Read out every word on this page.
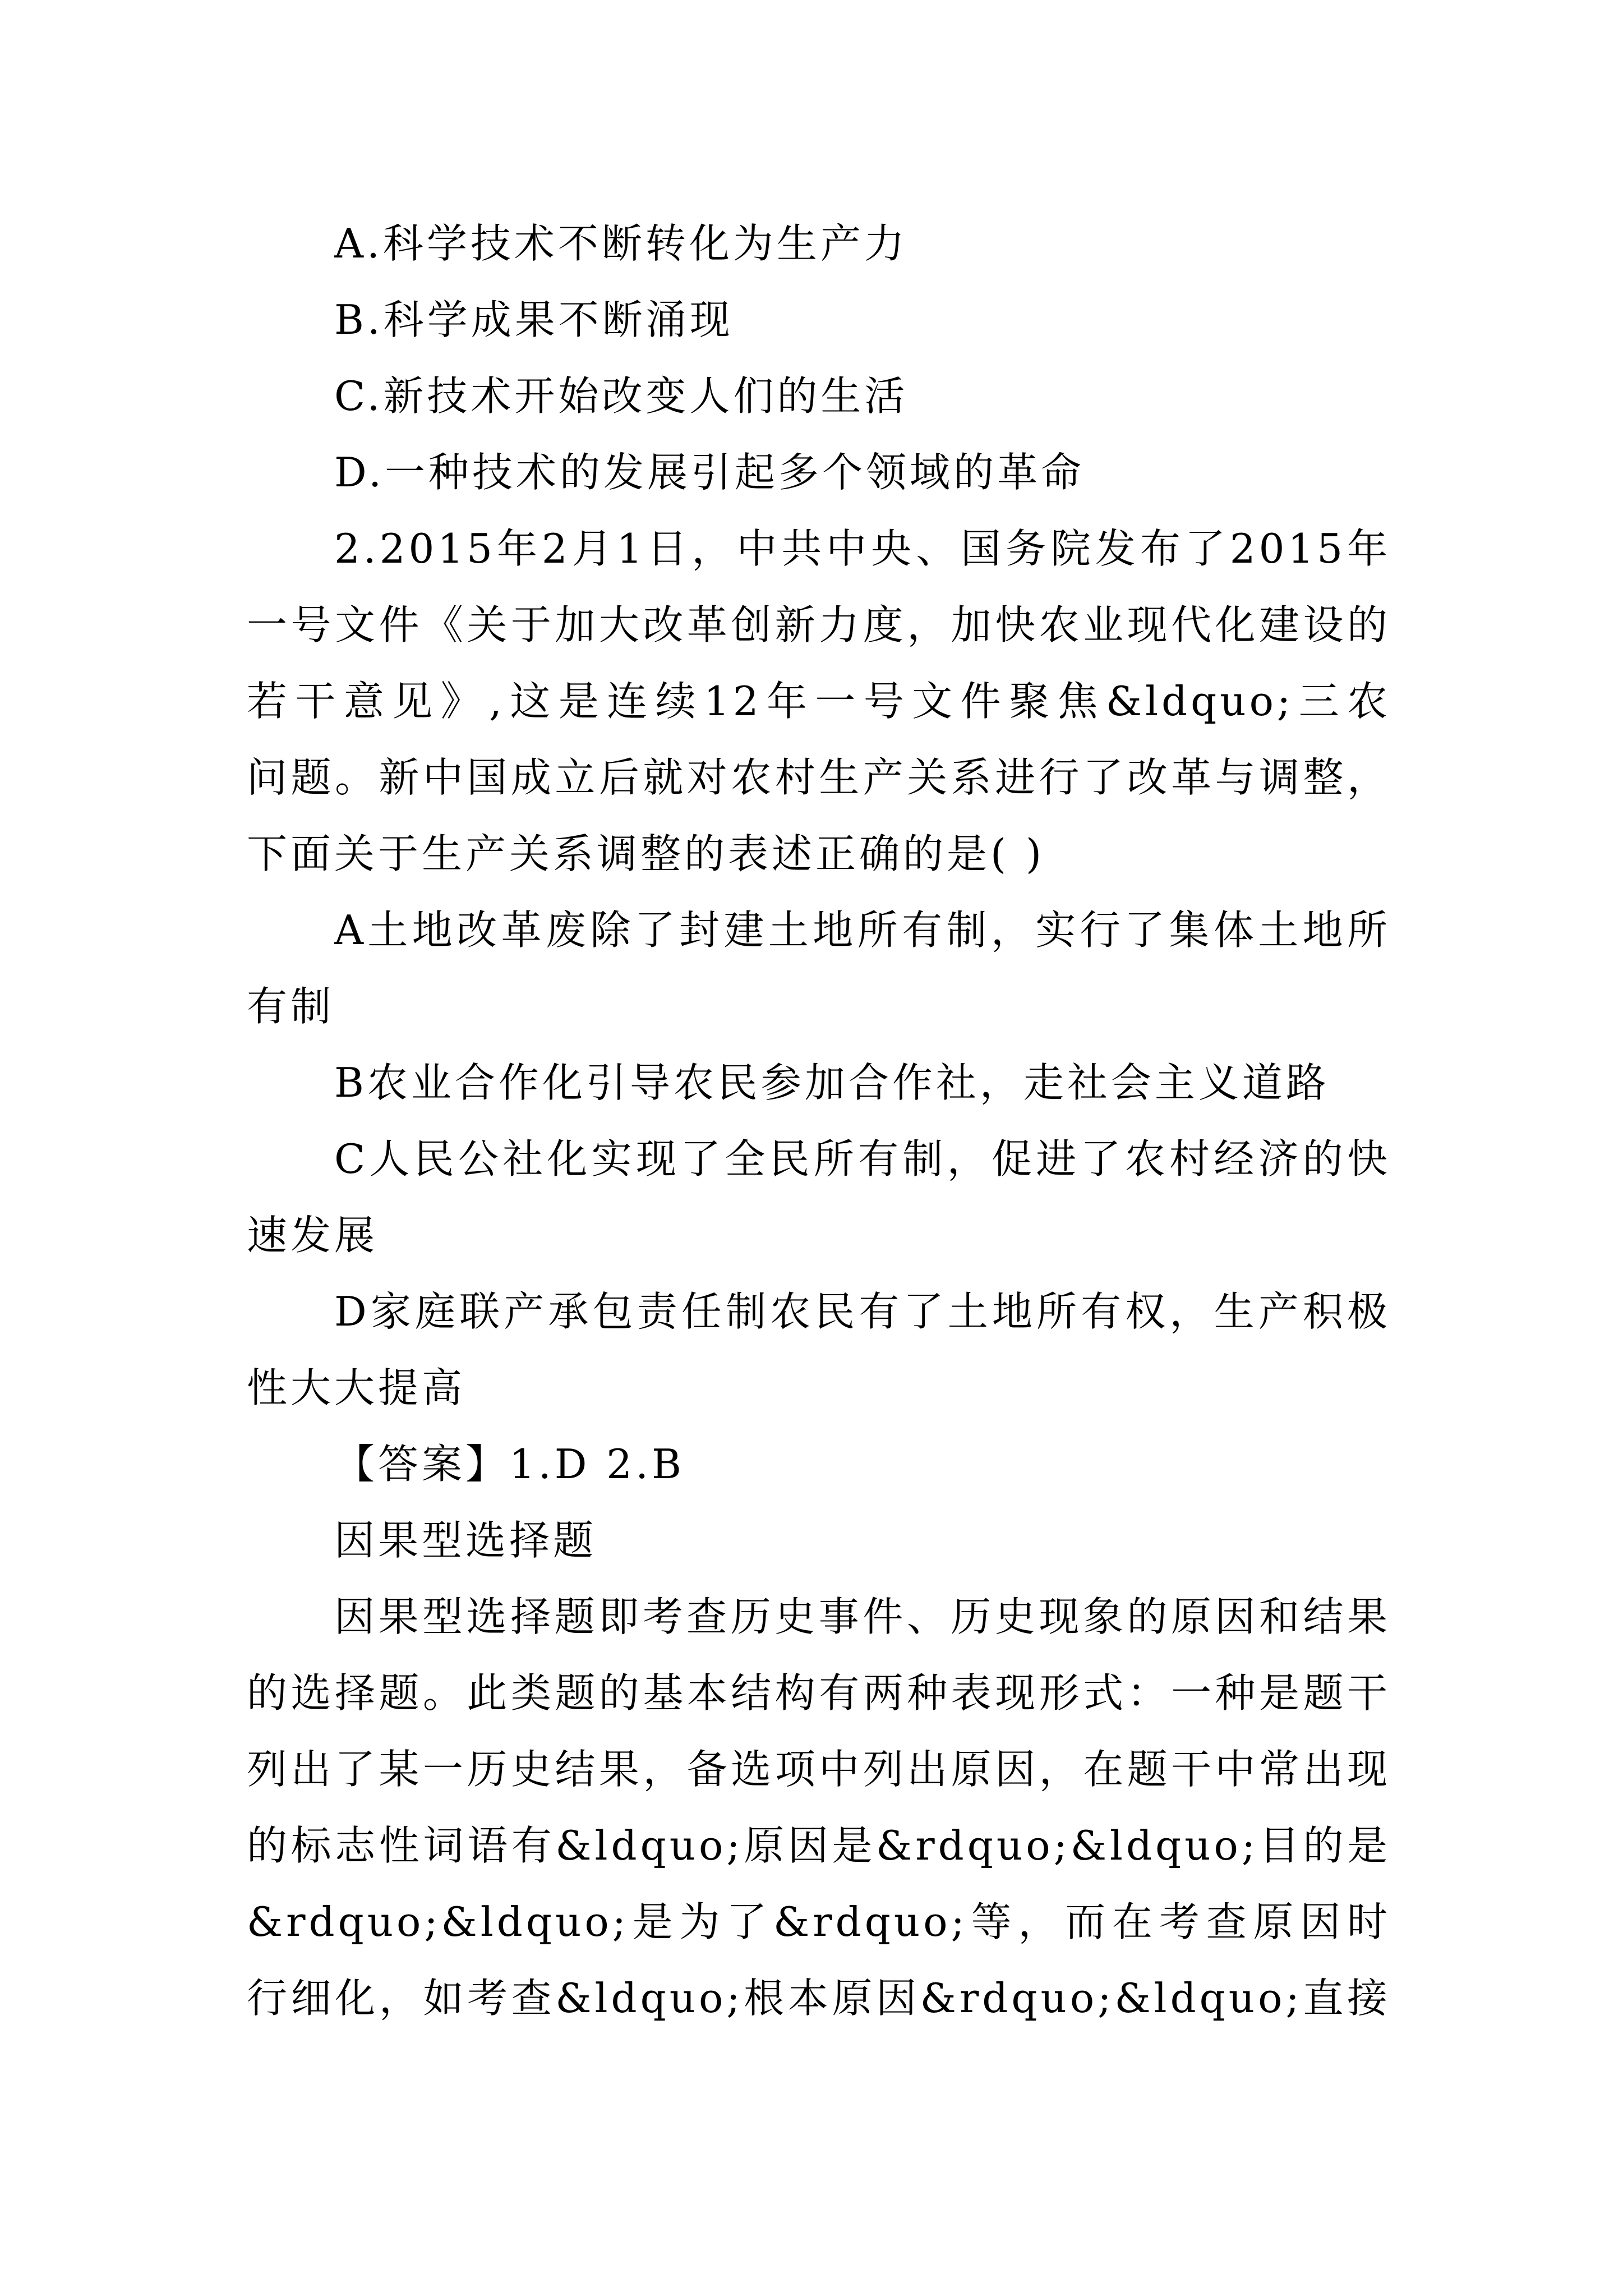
A.科学技术不断转化为生产力
B.科学成果不断涌现
C.新技术开始改变人们的生活
D.一种技术的发展引起多个领域的革命
2.2015年2月1日，中共中央、国务院发布了2015年
一号文件《关于加大改革创新力度，加快农业现代化建设的
若干意见》,这是连续12年一号文件聚焦&ldquo;三农
问题。新中国成立后就对农村生产关系进行了改革与调整，
下面关于生产关系调整的表述正确的是( )
A土地改革废除了封建土地所有制，实行了集体土地所
有制
B农业合作化引导农民参加合作社，走社会主义道路
C人民公社化实现了全民所有制，促进了农村经济的快
速发展
D家庭联产承包责任制农民有了土地所有权，生产积极
性大大提高
【答案】1.D 2.B
因果型选择题
因果型选择题即考查历史事件、历史现象的原因和结果
的选择题。此类题的基本结构有两种表现形式：一种是题干
列出了某一历史结果，备选项中列出原因，在题干中常出现
的标志性词语有&ldquo;原因是&rdquo;&ldquo;目的是
&rdquo;&ldquo;是为了&rdquo;等，而在考查原因时
行细化，如考查&ldquo;根本原因&rdquo;&ldquo;直接
